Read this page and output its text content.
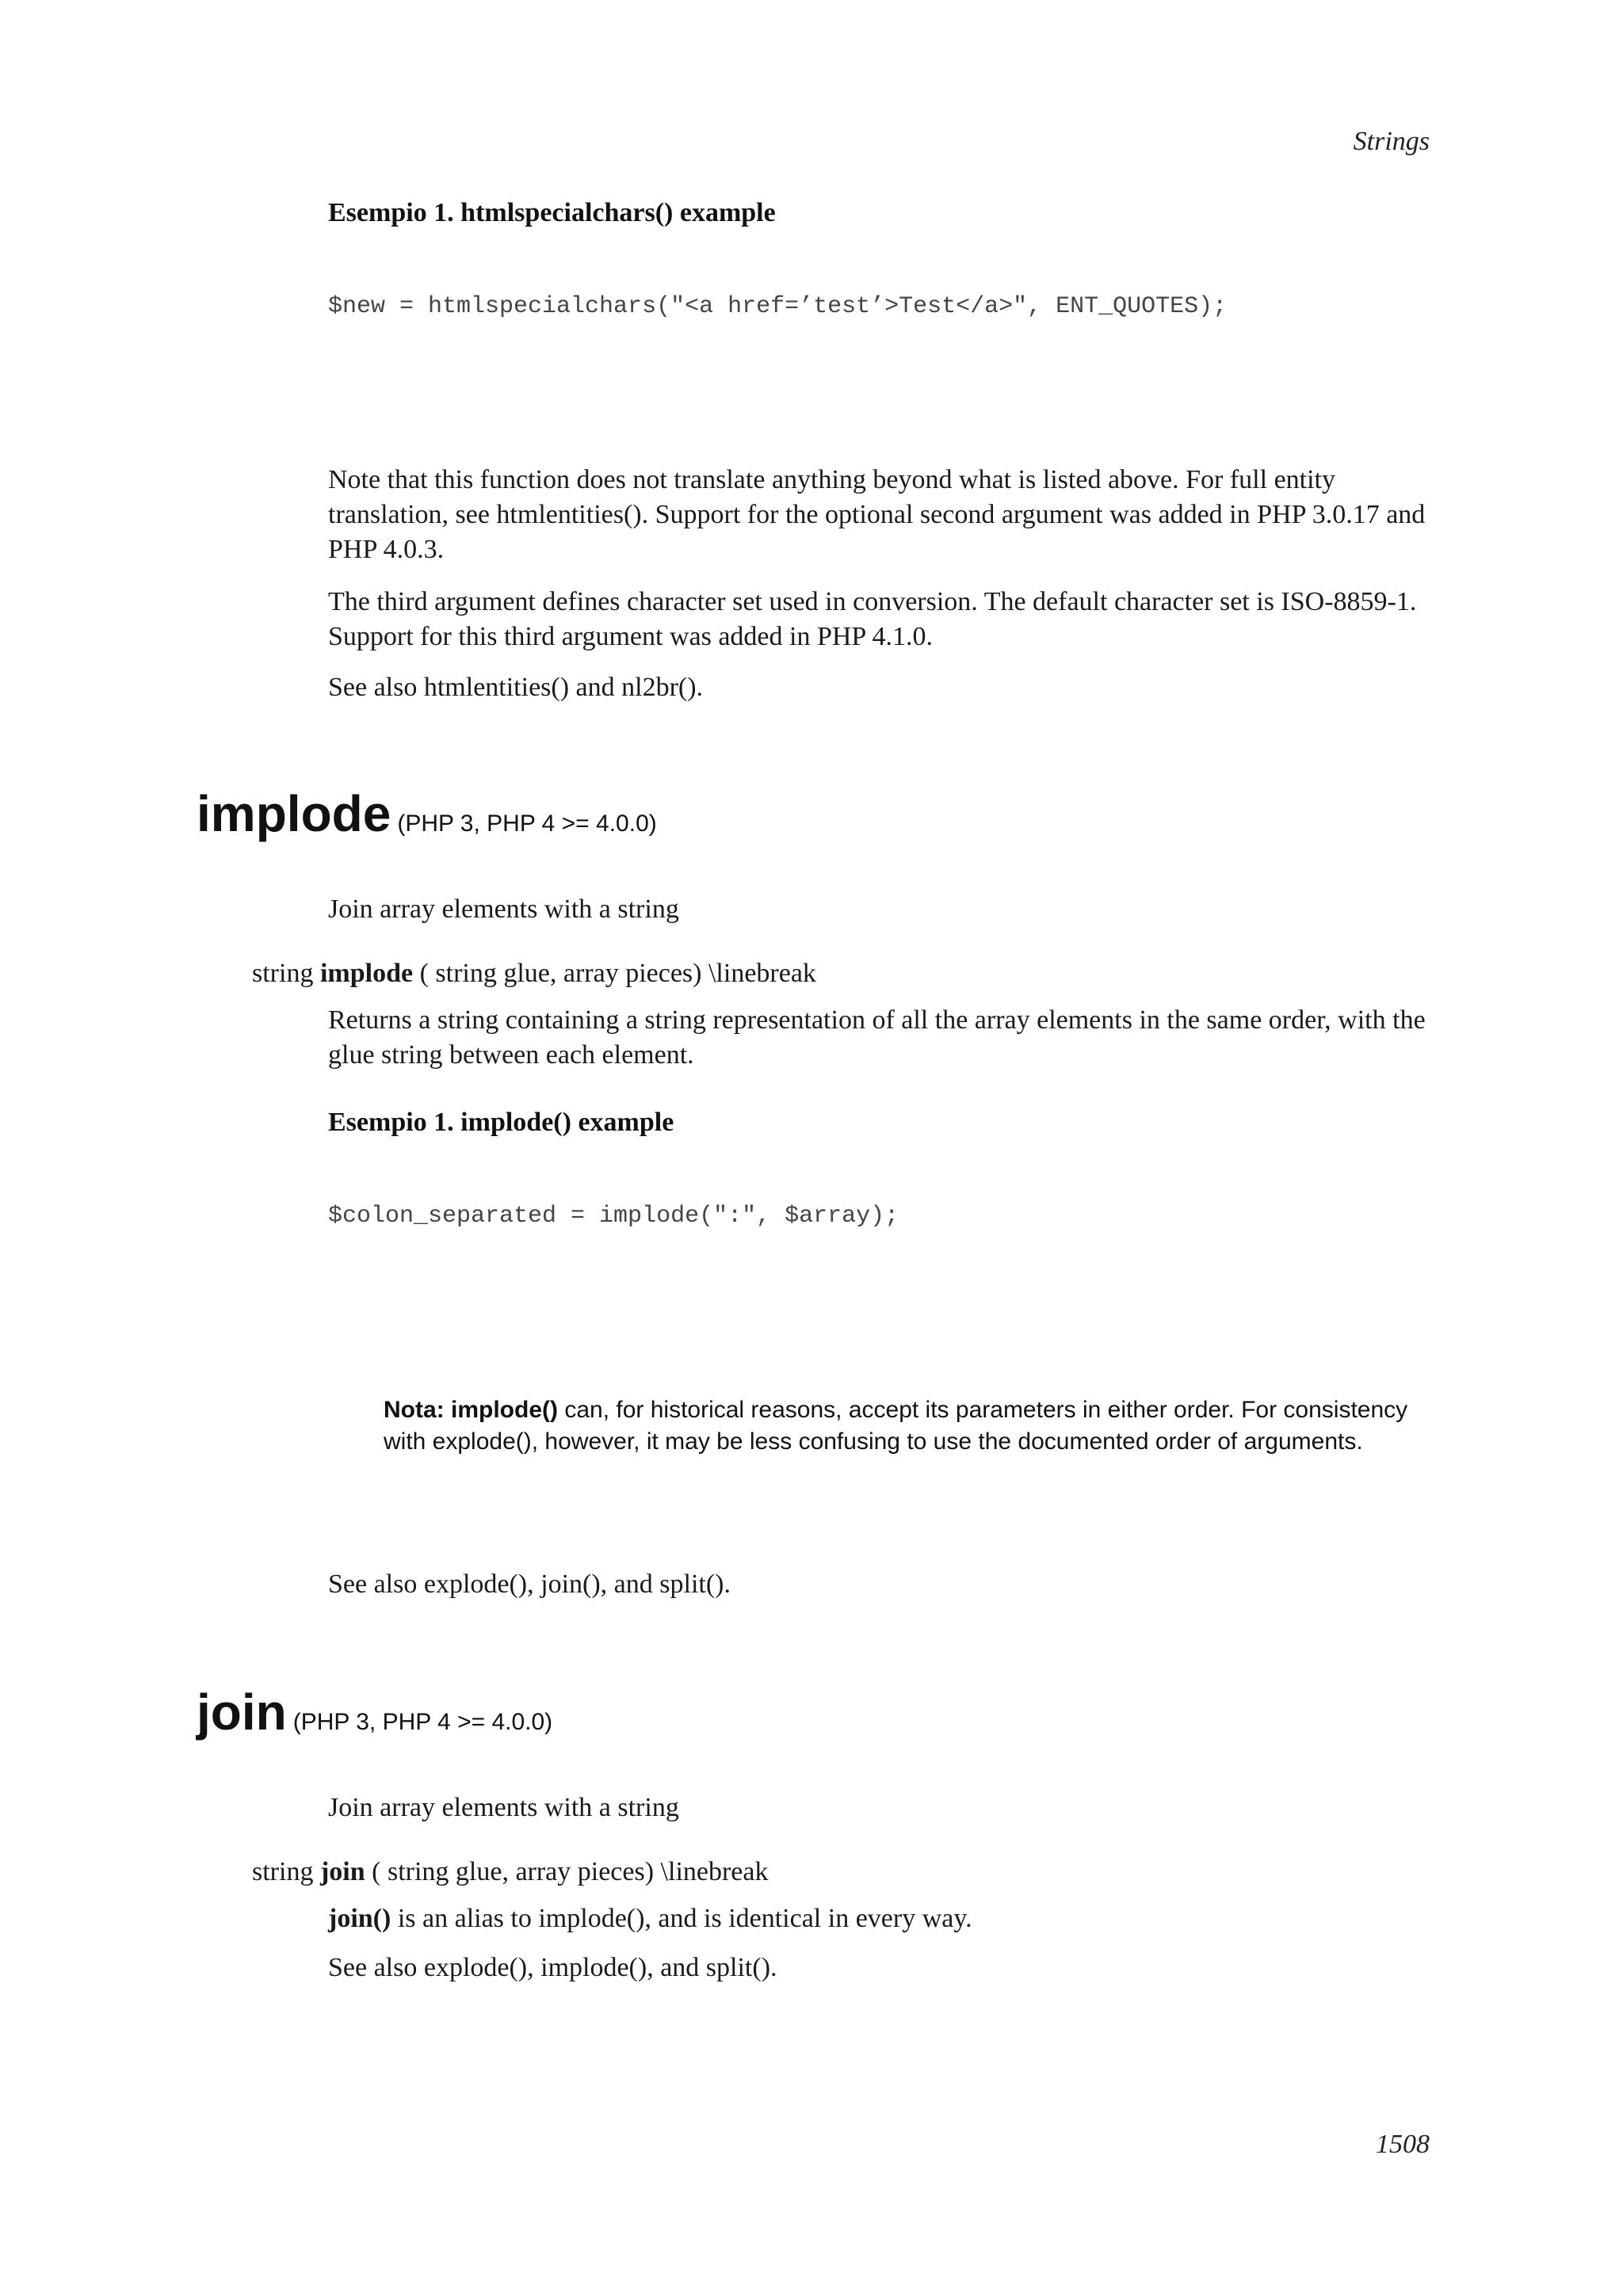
Strings
Esempio 1. htmlspecialchars() example
$new = htmlspecialchars("<a href=’test’>Test</a>", ENT_QUOTES);

Note that this function does not translate anything beyond what is listed above. For full entity translation, see htmlentities(). Support for the optional second argument was added in PHP 3.0.17 and PHP 4.0.3.

The third argument defines character set used in conversion. The default character set is ISO-8859-1. Support for this third argument was added in PHP 4.1.0.

See also htmlentities() and nl2br().

implode (PHP 3, PHP 4 >= 4.0.0)

Join array elements with a string

string implode ( string glue, array pieces) \linebreak

Returns a string containing a string representation of all the array elements in the same order, with the glue string between each element.

Esempio 1. implode() example
$colon_separated = implode(":", $array);

Nota: implode() can, for historical reasons, accept its parameters in either order. For consistency with explode(), however, it may be less confusing to use the documented order of arguments.

See also explode(), join(), and split().

join (PHP 3, PHP 4 >= 4.0.0)

Join array elements with a string

string join ( string glue, array pieces) \linebreak

join() is an alias to implode(), and is identical in every way.

See also explode(), implode(), and split().

1508
